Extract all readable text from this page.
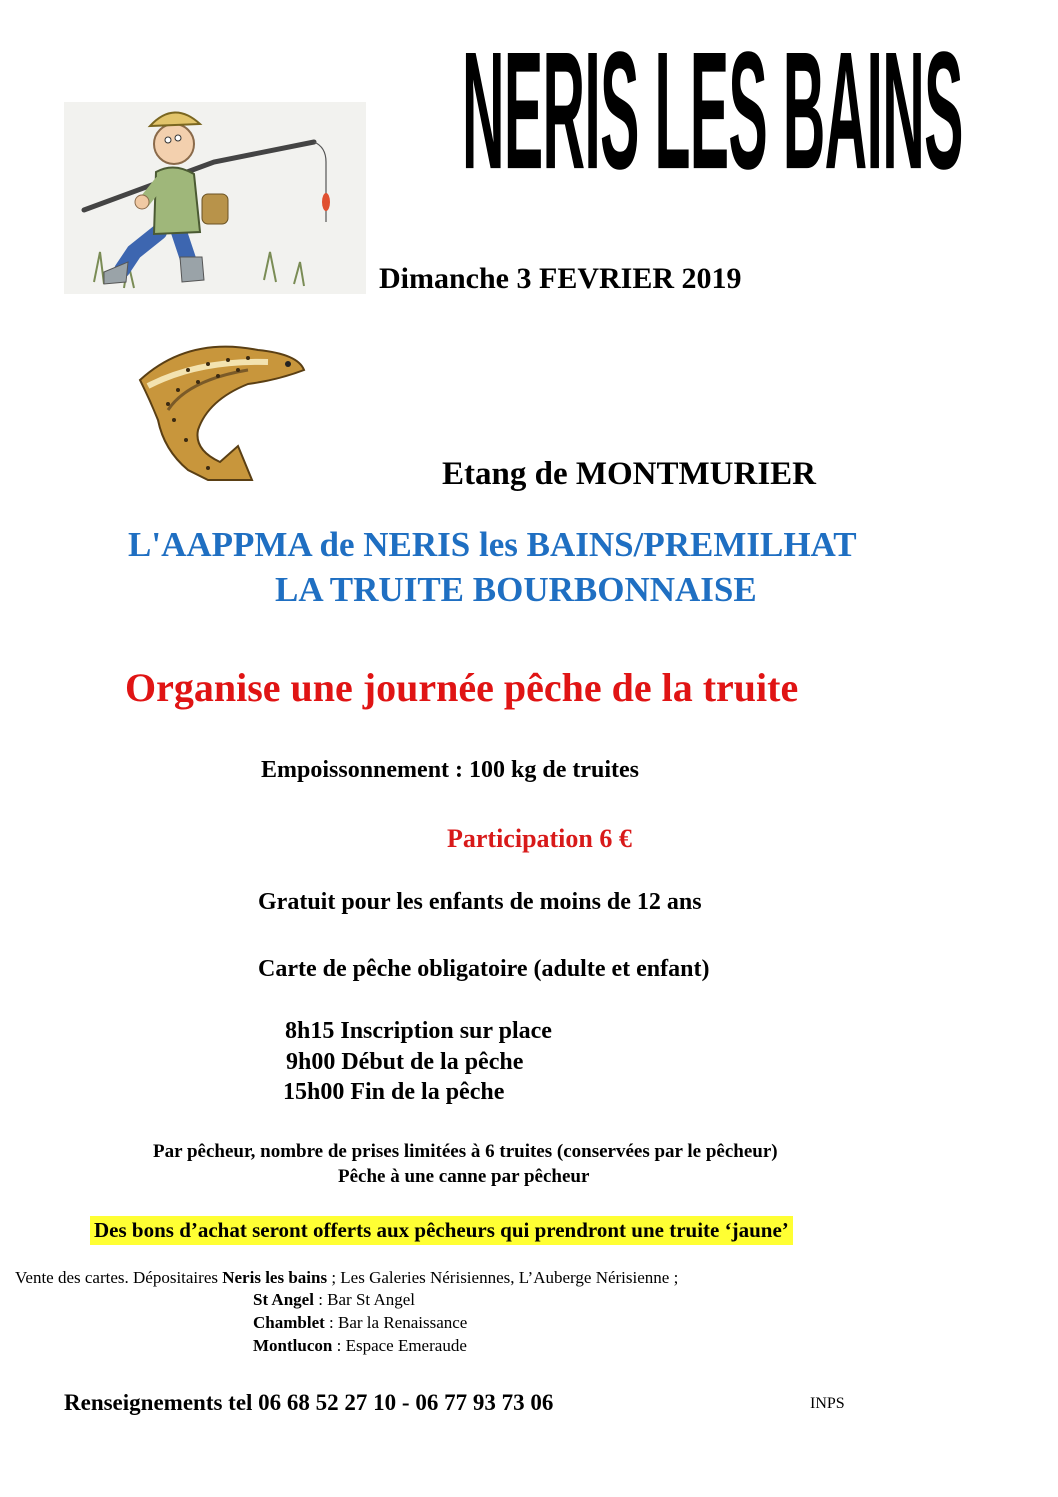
NERIS LES BAINS
Dimanche 3 FEVRIER 2019
Etang de MONTMURIER
L'AAPPMA de NERIS les BAINS/PREMILHAT
LA TRUITE BOURBONNAISE
Organise une journée pêche de la truite
Empoissonnement : 100 kg de truites
Participation 6 €
Gratuit pour les enfants de moins de 12 ans
Carte de pêche obligatoire (adulte et enfant)
8h15 Inscription sur place
9h00 Début de la pêche
15h00 Fin de la pêche
Par pêcheur, nombre de prises limitées à 6 truites (conservées par le pêcheur)
Pêche à une canne par pêcheur
Des bons d’achat seront offerts aux pêcheurs qui prendront une truite ‘jaune’
Vente des cartes. Dépositaires Neris les bains ; Les Galeries Nérisiennes, L’Auberge Nérisienne ;
St Angel : Bar St Angel
Chamblet : Bar la Renaissance
Montlucon : Espace Emeraude
Renseignements tel 06 68 52 27 10 - 06 77 93 73 06	INPS
